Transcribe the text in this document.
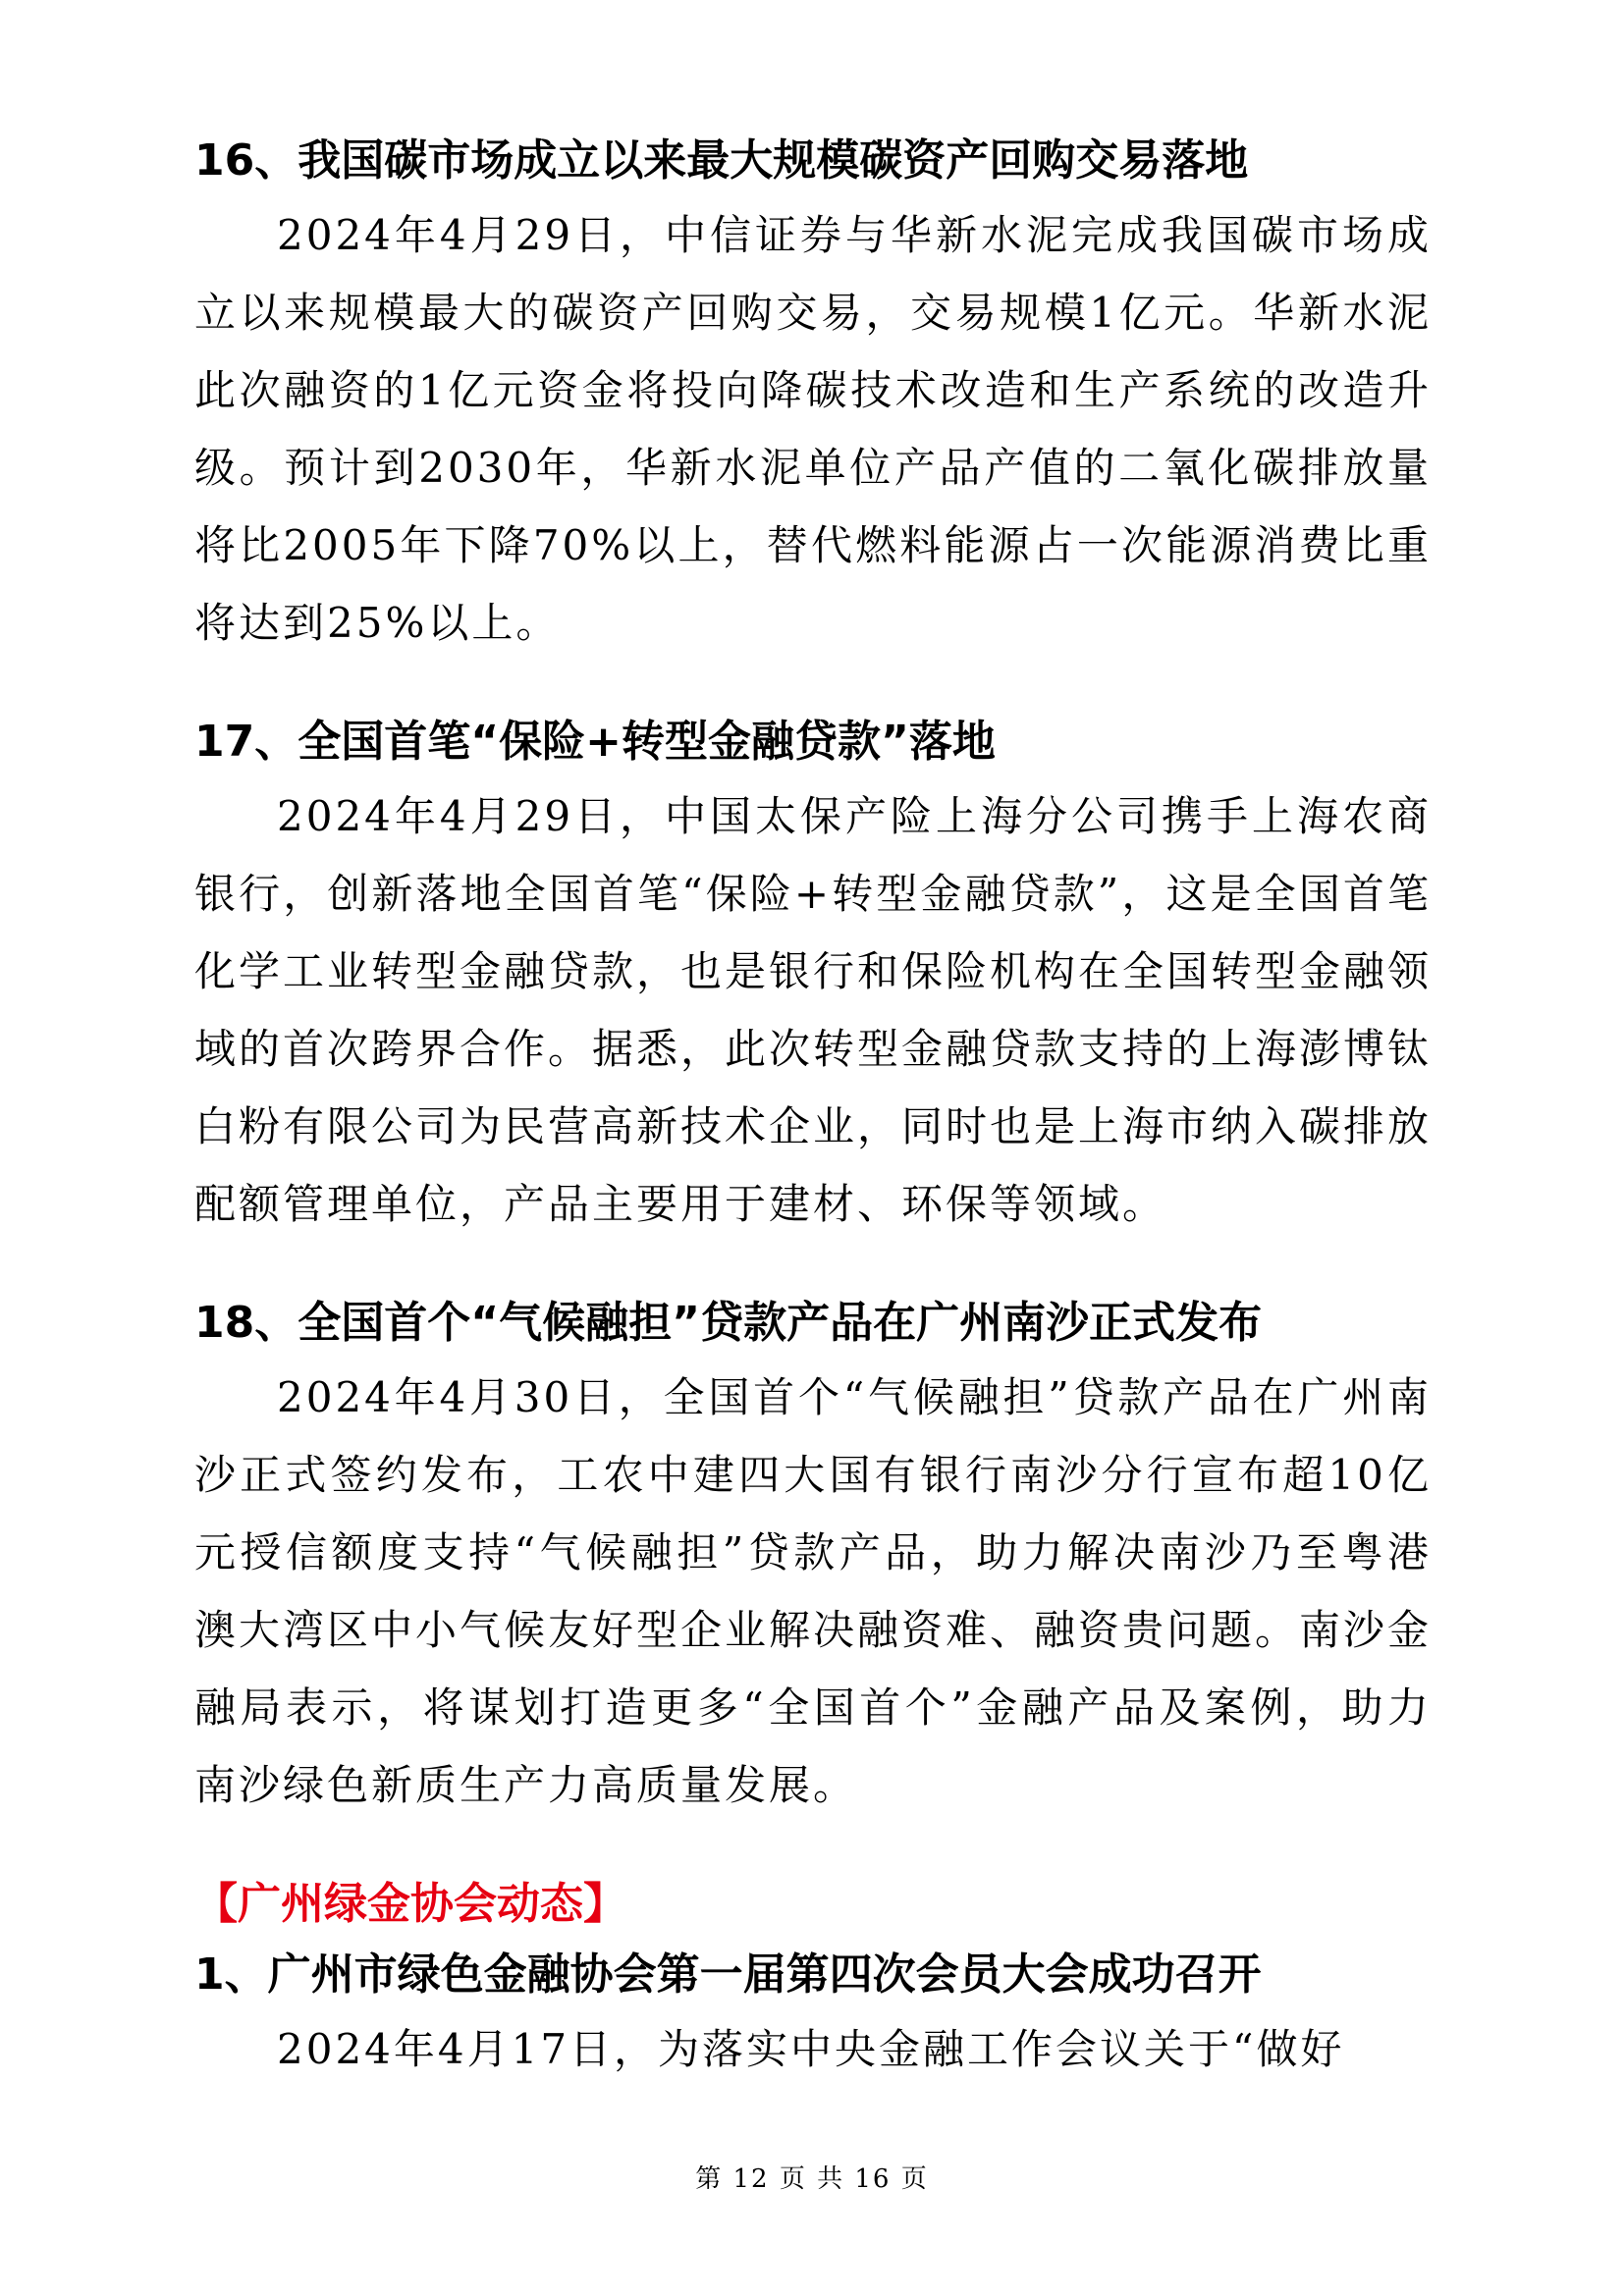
16、我国碳市场成立以来最大规模碳资产回购交易落地

2024年4月29日，中信证券与华新水泥完成我国碳市场成立以来规模最大的碳资产回购交易，交易规模1亿元。华新水泥此次融资的1亿元资金将投向降碳技术改造和生产系统的改造升级。预计到2030年，华新水泥单位产品产值的二氧化碳排放量将比2005年下降70%以上，替代燃料能源占一次能源消费比重将达到25%以上。

17、全国首笔“保险+转型金融贷款”落地

2024年4月29日，中国太保产险上海分公司携手上海农商银行，创新落地全国首笔“保险+转型金融贷款”，这是全国首笔化学工业转型金融贷款，也是银行和保险机构在全国转型金融领域的首次跨界合作。据悉，此次转型金融贷款支持的上海澎博钛白粉有限公司为民营高新技术企业，同时也是上海市纳入碳排放配额管理单位，产品主要用于建材、环保等领域。

18、全国首个“气候融担”贷款产品在广州南沙正式发布

2024年4月30日，全国首个“气候融担”贷款产品在广州南沙正式签约发布，工农中建四大国有银行南沙分行宣布超10亿元授信额度支持“气候融担”贷款产品，助力解决南沙乃至粤港澳大湾区中小气候友好型企业解决融资难、融资贵问题。南沙金融局表示，将谋划打造更多“全国首个”金融产品及案例，助力南沙绿色新质生产力高质量发展。

【广州绿金协会动态】
1、广州市绿色金融协会第一届第四次会员大会成功召开

2024年4月17日，为落实中央金融工作会议关于“做好

第 12 页 共 16 页
